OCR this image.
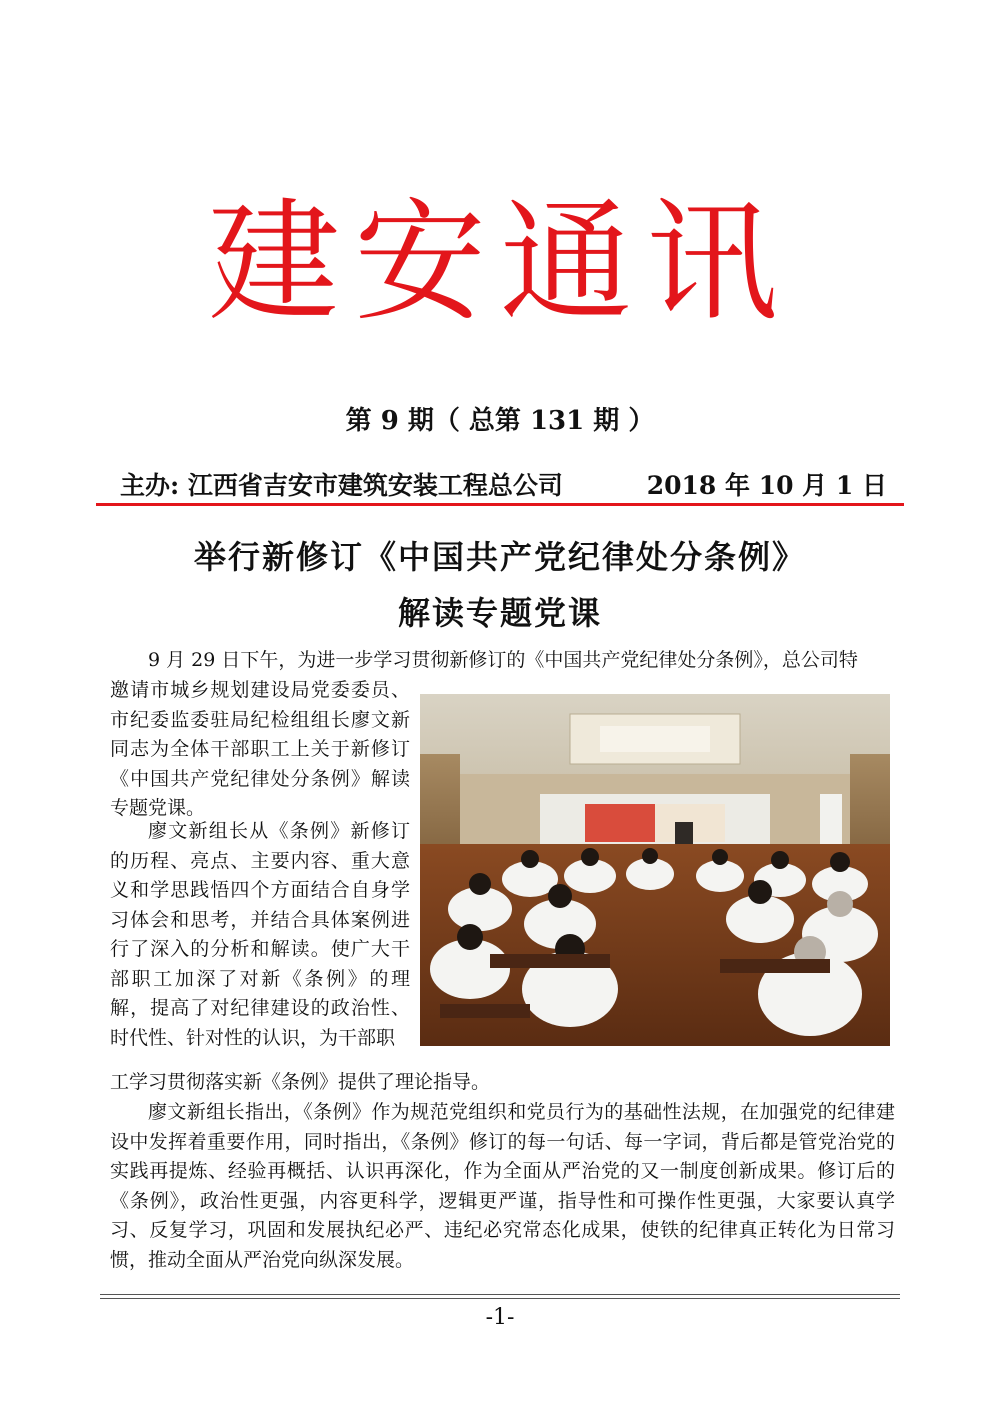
建安通讯
第 9 期（ 总第 131 期 ）
主办: 江西省吉安市建筑安装工程总公司	2018 年 10 月 1 日
举行新修订《中国共产党纪律处分条例》
解读专题党课

9 月 29 日下午，为进一步学习贯彻新修订的《中国共产党纪律处分条例》，总公司特

邀请市城乡规划建设局党委委员、市纪委监委驻局纪检组组长廖文新同志为全体干部职工上关于新修订《中国共产党纪律处分条例》解读专题党课。

廖文新组长从《条例》新修订的历程、亮点、主要内容、重大意义和学思践悟四个方面结合自身学习体会和思考，并结合具体案例进行了深入的分析和解读。使广大干部职工加深了对新《条例》的理解，提高了对纪律建设的政治性、时代性、针对性的认识，为干部职

工学习贯彻落实新《条例》提供了理论指导。

廖文新组长指出，《条例》作为规范党组织和党员行为的基础性法规，在加强党的纪律建设中发挥着重要作用，同时指出，《条例》修订的每一句话、每一字词，背后都是管党治党的实践再提炼、经验再概括、认识再深化，作为全面从严治党的又一制度创新成果。修订后的《条例》，政治性更强，内容更科学，逻辑更严谨，指导性和可操作性更强，大家要认真学习、反复学习，巩固和发展执纪必严、违纪必究常态化成果，使铁的纪律真正转化为日常习惯，推动全面从严治党向纵深发展。

-1-
